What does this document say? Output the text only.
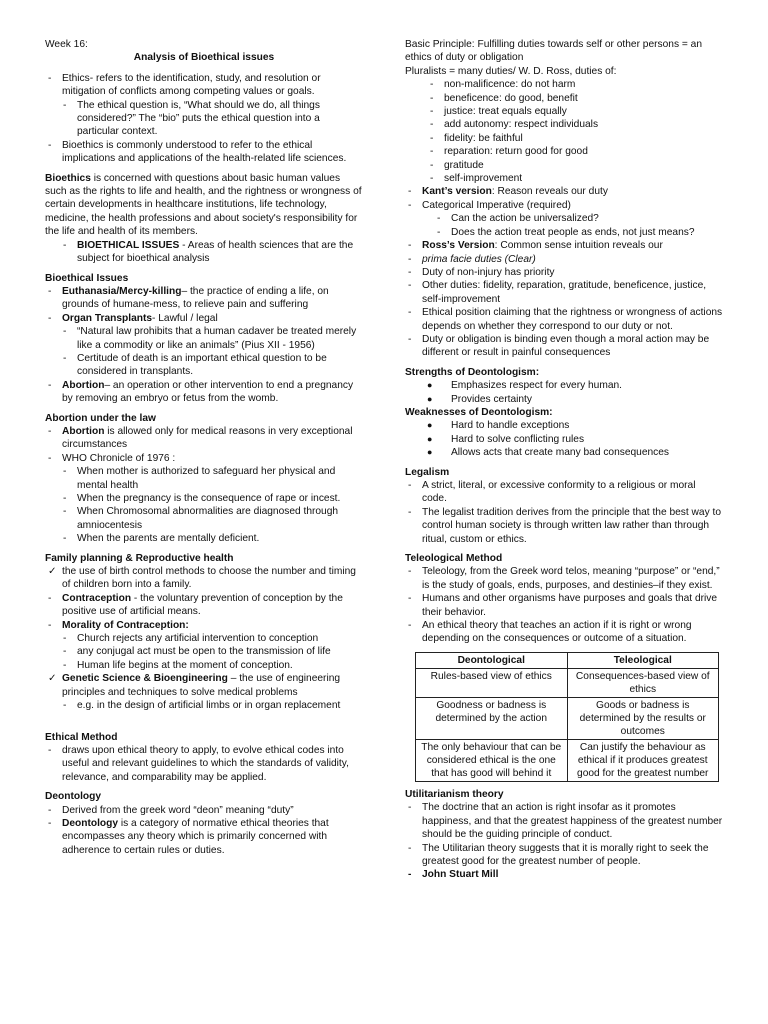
Week 16:

Analysis of Bioethical issues

- Ethics- refers to the identification, study, and resolution or mitigation of conflicts among competing values or goals.
- The ethical question is, “What should we do, all things considered?” The “bio” puts the ethical question into a particular context.
- Bioethics is commonly understood to refer to the ethical implications and applications of the health-related life sciences.

Bioethics is concerned with questions about basic human values such as the rights to life and health, and the rightness or wrongness of certain developments in healthcare institutions, life technology, medicine, the health professions and about society's responsibility for the life and health of its members.

- BIOETHICAL ISSUES - Areas of health sciences that are the subject for bioethical analysis

Bioethical Issues

- Euthanasia/Mercy-killing– the practice of ending a life, on grounds of humane-mess, to relieve pain and suffering
- Organ Transplants- Lawful / legal
- “Natural law prohibits that a human cadaver be treated merely like a commodity or like an animals” (Pius XII - 1956)
- Certitude of death is an important ethical question to be considered in transplants.
- Abortion– an operation or other intervention to end a pregnancy by removing an embryo or fetus from the womb.

Abortion under the law

- Abortion is allowed only for medical reasons in very exceptional circumstances
- WHO Chronicle of 1976 :
- When mother is authorized to safeguard her physical and mental health
- When the pregnancy is the consequence of rape or incest.
- When Chromosomal abnormalities are diagnosed through amniocentesis
- When the parents are mentally deficient.

Family planning & Reproductive health

✓ the use of birth control methods to choose the number and timing of children born into a family.
- Contraception - the voluntary prevention of conception by the positive use of artificial means.
- Morality of Contraception:
- Church rejects any artificial intervention to conception
- any conjugal act must be open to the transmission of life
- Human life begins at the moment of conception.
✓ Genetic Science & Bioengineering – the use of engineering principles and techniques to solve medical problems
- e.g. in the design of artificial limbs or in organ replacement

Ethical Method

- draws upon ethical theory to apply, to evolve ethical codes into useful and relevant guidelines to which the standards of validity, relevance, and comparability may be applied.

Deontology

- Derived from the greek word “deon” meaning “duty”
- Deontology is a category of normative ethical theories that encompasses any theory which is primarily concerned with adherence to certain rules or duties.

Basic Principle: Fulfilling duties towards self or other persons = an ethics of duty or obligation

Pluralists = many duties/ W. D. Ross, duties of:

- non-malificence: do not harm
- beneficence: do good, benefit
- justice: treat equals equally
- add autonomy: respect individuals
- fidelity: be faithful
- reparation: return good for good
- gratitude
- self-improvement
- Kant’s version: Reason reveals our duty
- Categorical Imperative (required)
- Can the action be universalized?
- Does the action treat people as ends, not just means?
- Ross’s Version: Common sense intuition reveals our
- prima facie duties (Clear)
- Duty of non-injury has priority
- Other duties: fidelity, reparation, gratitude, beneficence, justice, self-improvement
- Ethical position claiming that the rightness or wrongness of actions depends on whether they correspond to our duty or not.
- Duty or obligation is binding even though a moral action may be different or result in painful consequences

Strengths of Deontologism:

● Emphasizes respect for every human.
● Provides certainty

Weaknesses of Deontologism:

● Hard to handle exceptions
● Hard to solve conflicting rules
● Allows acts that create many bad consequences

Legalism

- A strict, literal, or excessive conformity to a religious or moral code.
- The legalist tradition derives from the principle that the best way to control human society is through written law rather than through ritual, custom or ethics.

Teleological Method

- Teleology, from the Greek word telos, meaning “purpose” or “end,” is the study of goals, ends, purposes, and destinies–if they exist.
- Humans and other organisms have purposes and goals that drive their behavior.
- An ethical theory that teaches an action if it is right or wrong depending on the consequences or outcome of a situation.
Deontological	Teleological
Rules-based view of ethics	Consequences-based view of ethics
Goodness or badness is determined by the action	Goods or badness is determined by the results or outcomes
The only behaviour that can be considered ethical is the one that has good will behind it	Can justify the behaviour as ethical if it produces greatest good for the greatest number

Utilitarianism theory

- The doctrine that an action is right insofar as it promotes happiness, and that the greatest happiness of the greatest number should be the guiding principle of conduct.
- The Utilitarian theory suggests that it is morally right to seek the greatest good for the greatest number of people.
- John Stuart Mill
